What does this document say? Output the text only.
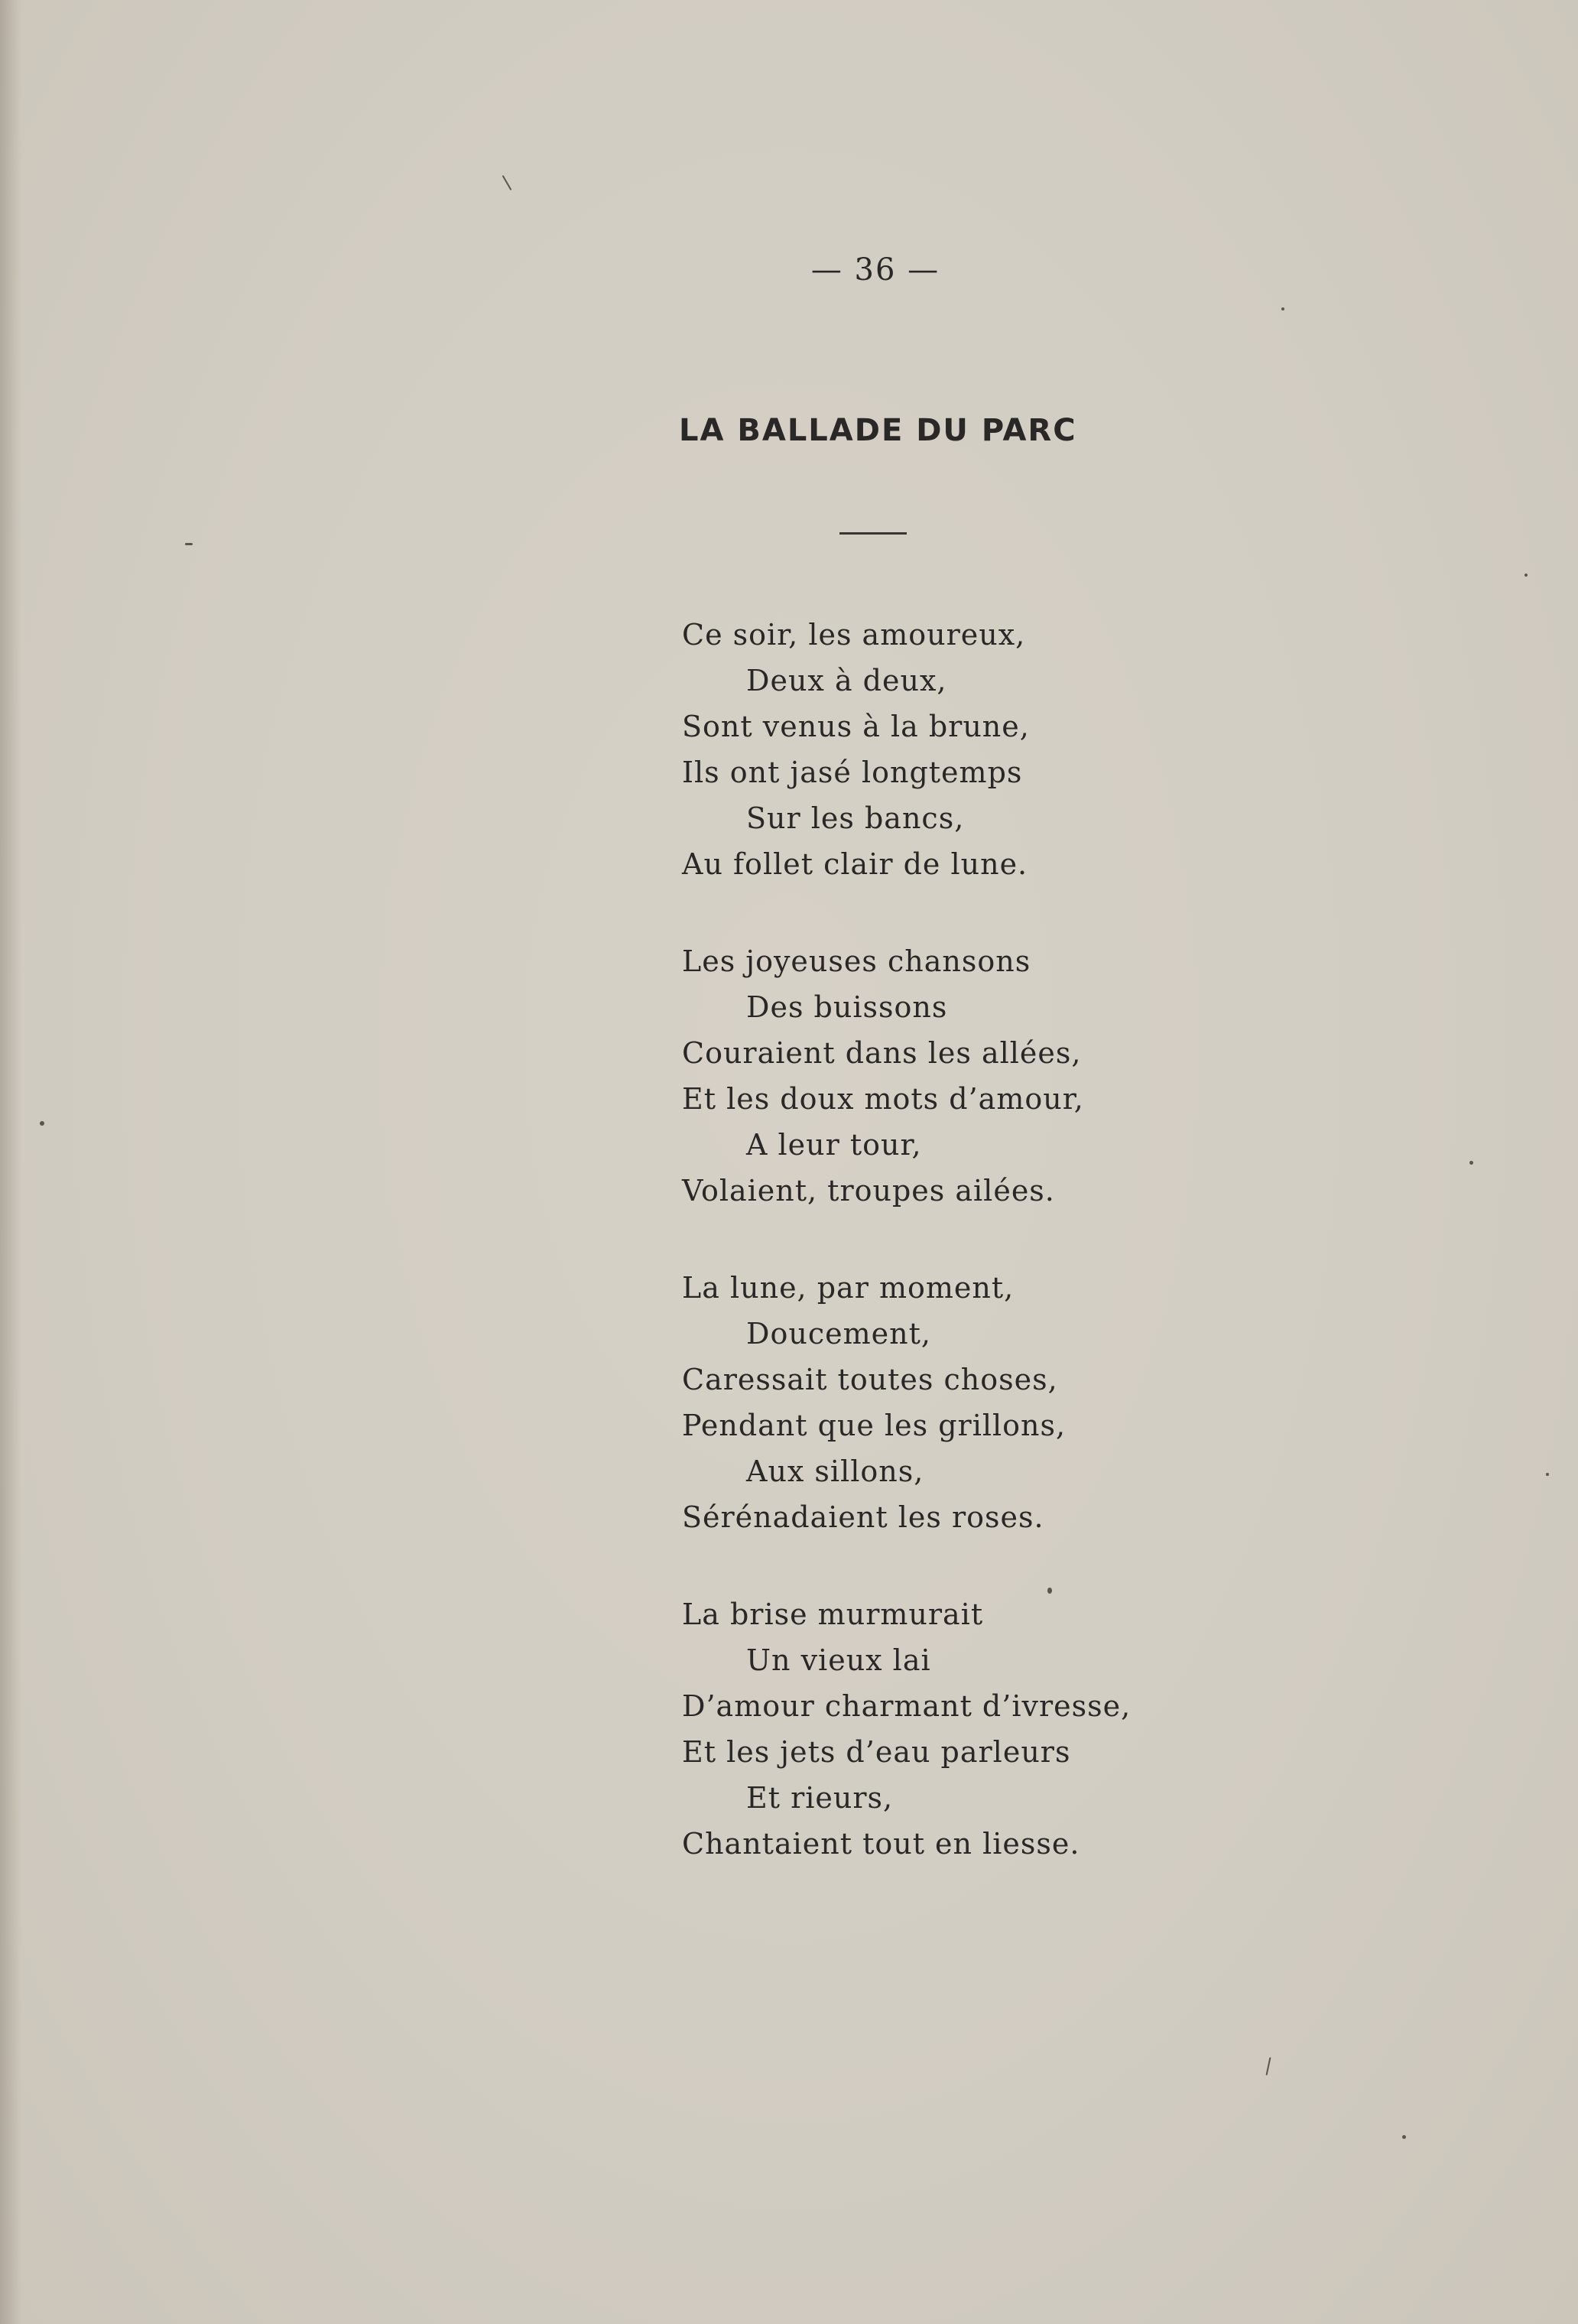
— 36 —
LA BALLADE DU PARC
Ce soir, les amoureux,
Deux à deux,
Sont venus à la brune,
Ils ont jasé longtemps
Sur les bancs,
Au follet clair de lune.
Les joyeuses chansons
Des buissons
Couraient dans les allées,
Et les doux mots d’amour,
A leur tour,
Volaient, troupes ailées.
La lune, par moment,
Doucement,
Caressait toutes choses,
Pendant que les grillons,
Aux sillons,
Sérénadaient les roses.
La brise murmurait
Un vieux lai
D’amour charmant d’ivresse,
Et les jets d’eau parleurs
Et rieurs,
Chantaient tout en liesse.
